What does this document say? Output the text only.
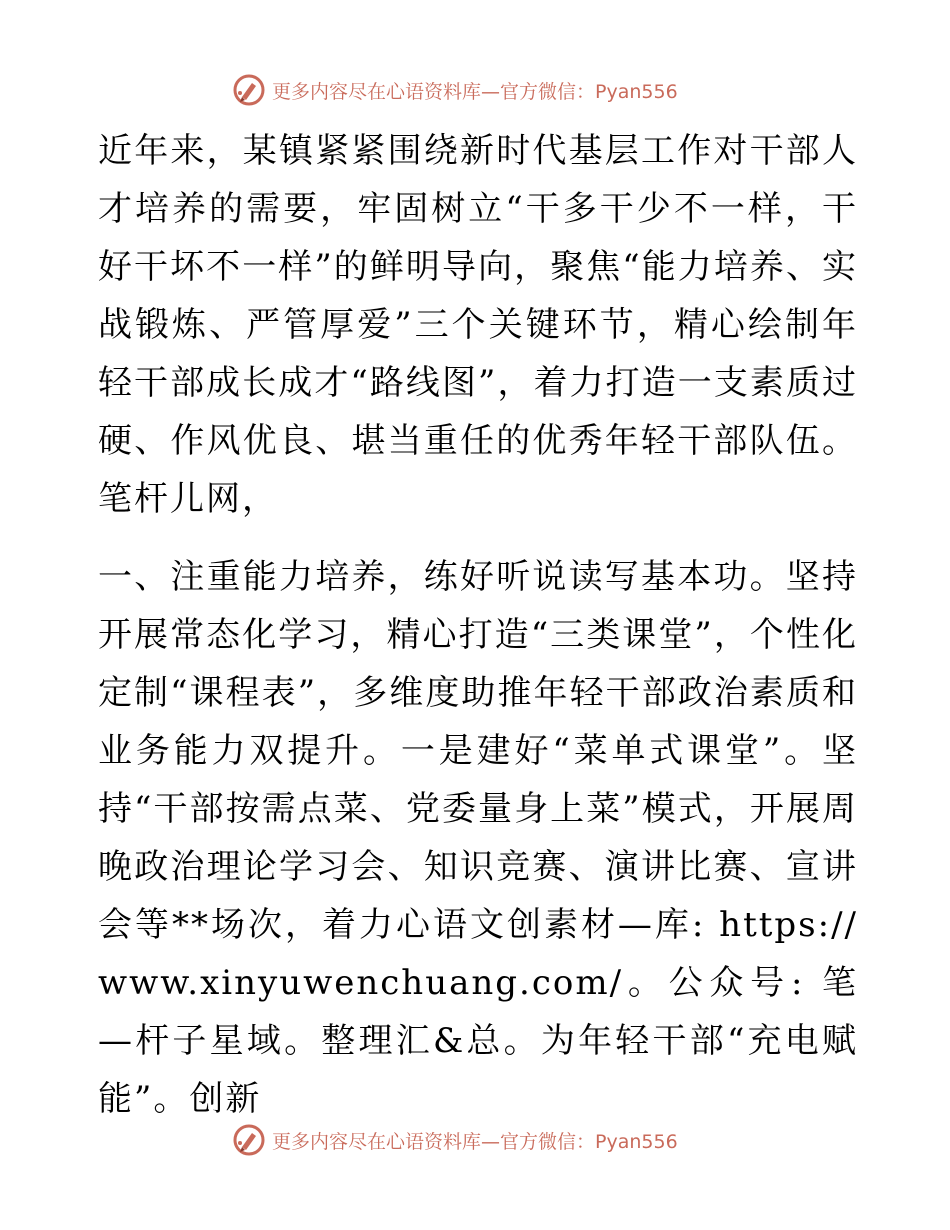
更多内容尽在心语资料库—官方微信：Pyan556

近年来，某镇紧紧围绕新时代基层工作对干部人才培养的需要，牢固树立“干多干少不一样，干好干坏不一样”的鲜明导向，聚焦“能力培养、实战锻炼、严管厚爱”三个关键环节，精心绘制年轻干部成长成才“路线图”，着力打造一支素质过硬、作风优良、堪当重任的优秀年轻干部队伍。笔杆儿网，

一、注重能力培养，练好听说读写基本功。坚持开展常态化学习，精心打造“三类课堂”，个性化定制“课程表”，多维度助推年轻干部政治素质和业务能力双提升。一是建好“菜单式课堂”。坚持“干部按需点菜、党委量身上菜”模式，开展周晚政治理论学习会、知识竞赛、演讲比赛、宣讲会等**场次，着力心语文创素材—库: https:// www.xinyuwenchuang.com/。公众号: 笔—杆子星域。整理汇&总。为年轻干部“充电赋能”。创新

更多内容尽在心语资料库—官方微信：Pyan556
